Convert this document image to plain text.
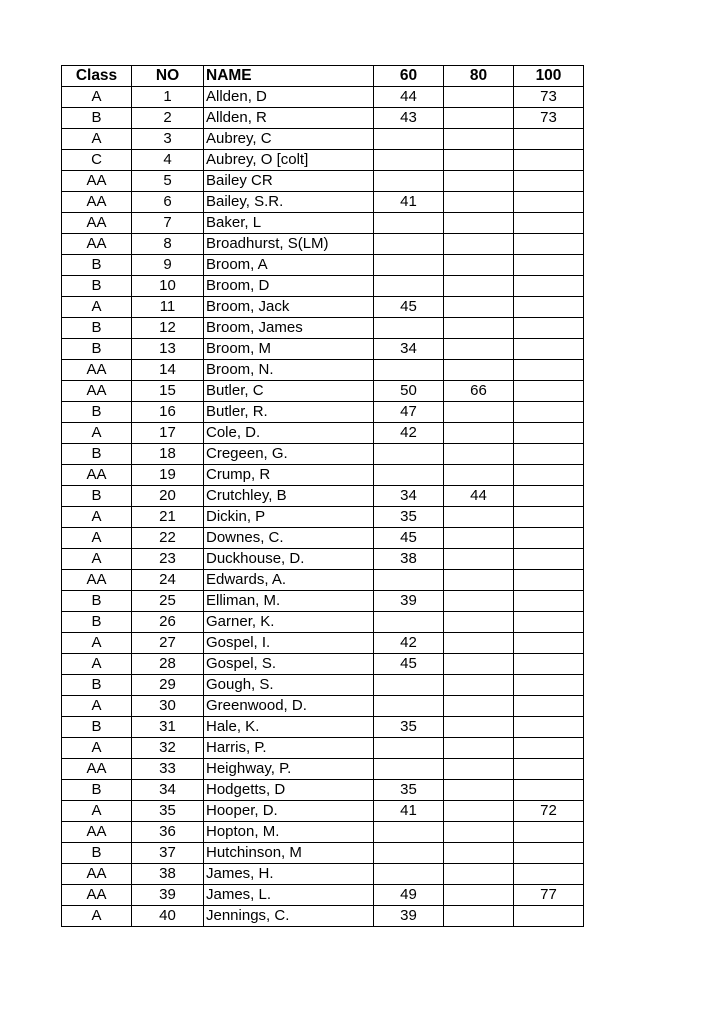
Class	NO	NAME	60	80	100
A	1	Allden, D	44		73
B	2	Allden, R	43		73
A	3	Aubrey, C			
C	4	Aubrey, O [colt]			
AA	5	Bailey CR			
AA	6	Bailey, S.R.	41		
AA	7	Baker, L			
AA	8	Broadhurst, S(LM)			
B	9	Broom, A			
B	10	Broom, D			
A	11	Broom, Jack	45		
B	12	Broom, James			
B	13	Broom, M	34		
AA	14	Broom, N.			
AA	15	Butler, C	50	66	
B	16	Butler, R.	47		
A	17	Cole, D.	42		
B	18	Cregeen, G.			
AA	19	Crump, R			
B	20	Crutchley, B	34	44	
A	21	Dickin, P	35		
A	22	Downes, C.	45		
A	23	Duckhouse, D.	38		
AA	24	Edwards, A.			
B	25	Elliman, M.	39		
B	26	Garner, K.			
A	27	Gospel, I.	42		
A	28	Gospel, S.	45		
B	29	Gough, S.			
A	30	Greenwood, D.			
B	31	Hale, K.	35		
A	32	Harris, P.			
AA	33	Heighway, P.			
B	34	Hodgetts, D	35		
A	35	Hooper, D.	41		72
AA	36	Hopton, M.			
B	37	Hutchinson, M			
AA	38	James, H.			
AA	39	James, L.	49		77
A	40	Jennings, C.	39		
